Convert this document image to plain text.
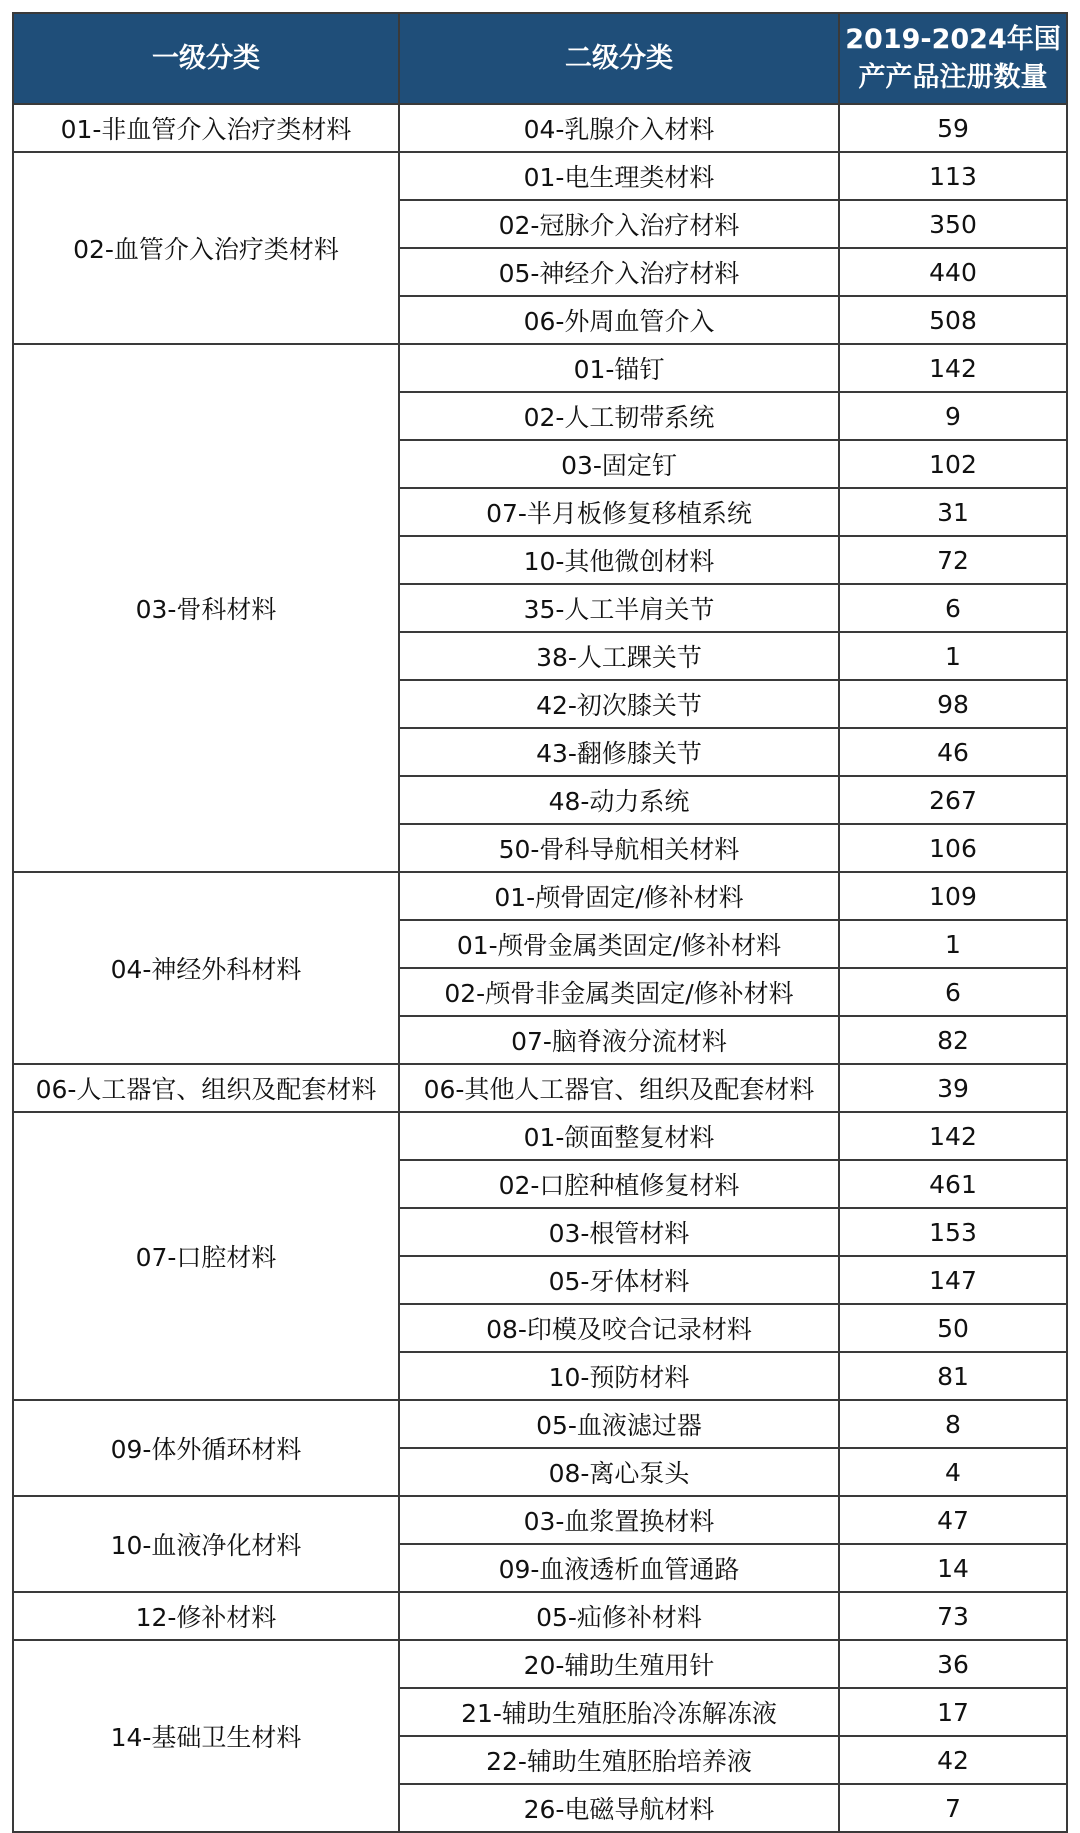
一级分类	二级分类	2019-2024年国
产产品注册数量

01-非血管介入治疗类材料	04-乳腺介入材料	59
02-血管介入治疗类材料	01-电生理类材料	113
	02-冠脉介入治疗材料	350
	05-神经介入治疗材料	440
	06-外周血管介入	508
03-骨科材料	01-锚钉	142
	02-人工韧带系统	9
	03-固定钉	102
	07-半月板修复移植系统	31
	10-其他微创材料	72
	35-人工半肩关节	6
	38-人工踝关节	1
	42-初次膝关节	98
	43-翻修膝关节	46
	48-动力系统	267
	50-骨科导航相关材料	106
04-神经外科材料	01-颅骨固定/修补材料	109
	01-颅骨金属类固定/修补材料	1
	02-颅骨非金属类固定/修补材料	6
	07-脑脊液分流材料	82
06-人工器官、组织及配套材料	06-其他人工器官、组织及配套材料	39
07-口腔材料	01-颌面整复材料	142
	02-口腔种植修复材料	461
	03-根管材料	153
	05-牙体材料	147
	08-印模及咬合记录材料	50
	10-预防材料	81
09-体外循环材料	05-血液滤过器	8
	08-离心泵头	4
10-血液净化材料	03-血浆置换材料	47
	09-血液透析血管通路	14
12-修补材料	05-疝修补材料	73
14-基础卫生材料	20-辅助生殖用针	36
	21-辅助生殖胚胎冷冻解冻液	17
	22-辅助生殖胚胎培养液	42
	26-电磁导航材料	7
